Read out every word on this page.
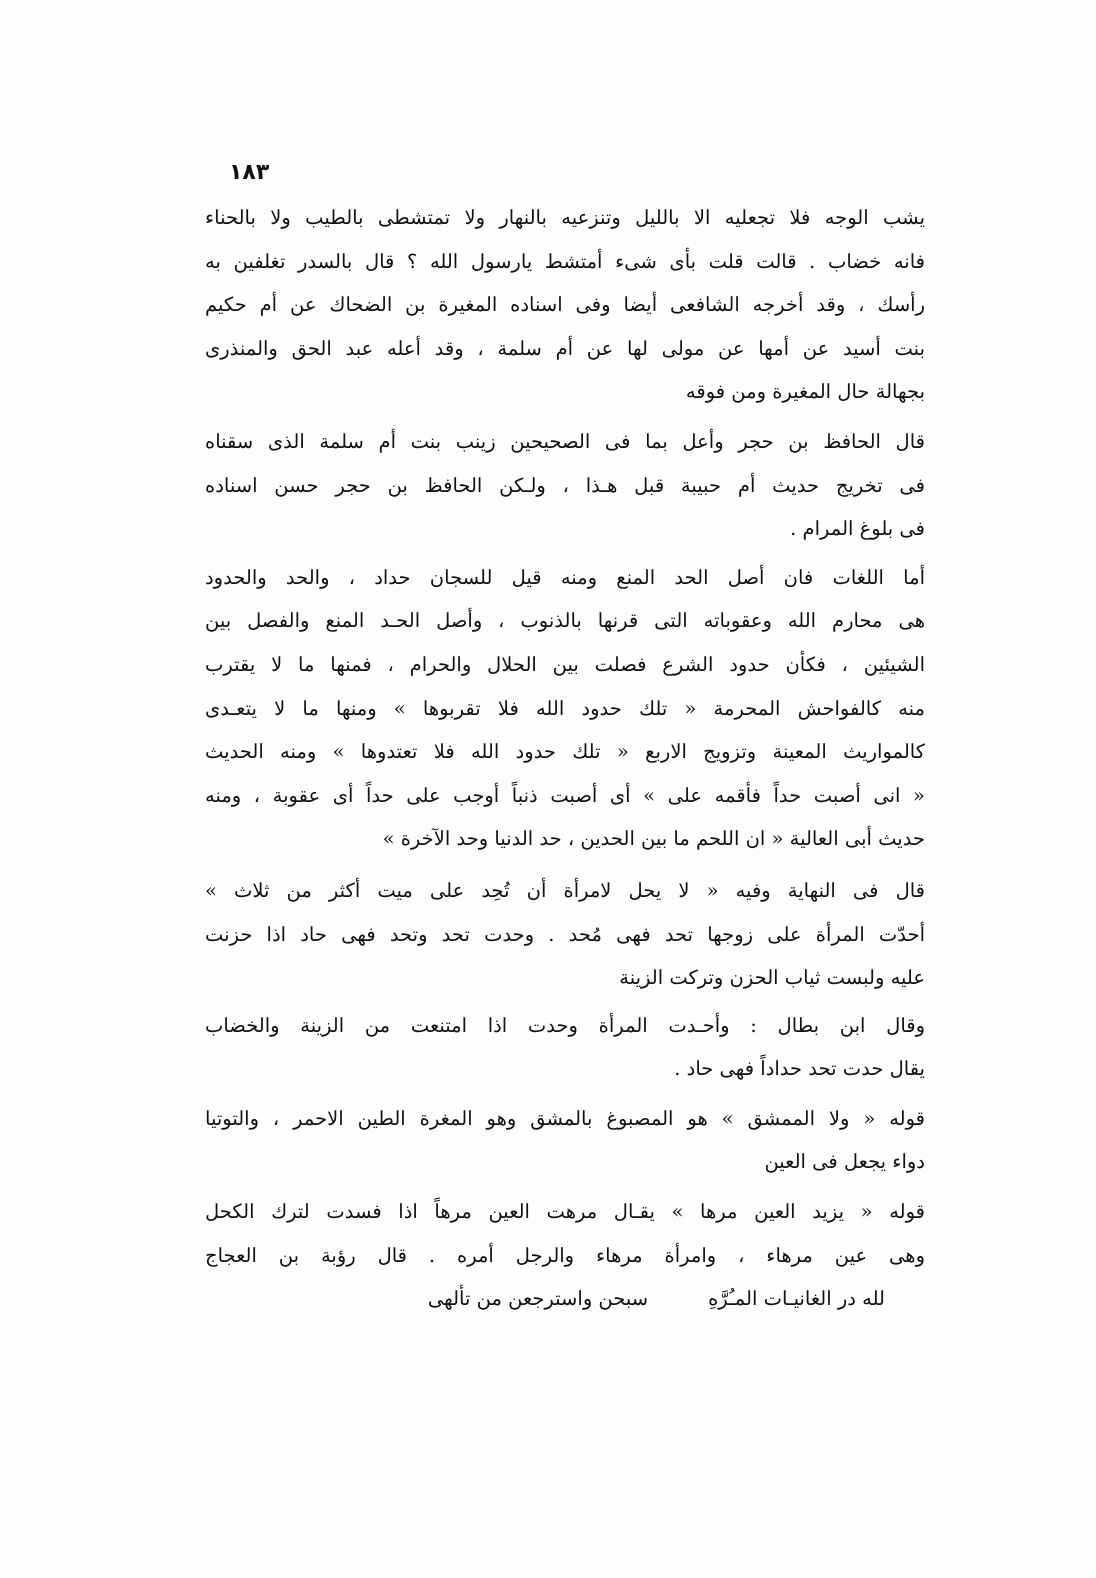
١٨٣
يشب الوجه فلا تجعليه الا بالليل وتنزعيه بالنهار ولا تمتشطى بالطيب ولا بالحناء
فانه خضاب . قالت قلت بأى شىء أمتشط يارسول الله ؟ قال بالسدر تغلفين به
رأسك ، وقد أخرجه الشافعى أيضا وفى اسناده المغيرة بن الضحاك عن أم حكيم
بنت أسيد عن أمها عن مولى لها عن أم سلمة ، وقد أعله عبد الحق والمنذرى
بجهالة حال المغيرة ومن فوقه
قال الحافظ بن حجر وأعل بما فى الصحيحين زينب بنت أم سلمة الذى سقناه
فى تخريج حديث أم حبيبة قبل هـذا ، ولـكن الحافظ بن حجر حسن اسناده
فى بلوغ المرام .
أما اللغات فان أصل الحد المنع ومنه قيل للسجان حداد ، والحد والحدود
هى محارم الله وعقوباته التى قرنها بالذنوب ، وأصل الحـد المنع والفصل بين
الشيئين ، فكأن حدود الشرع فصلت بين الحلال والحرام ، فمنها ما لا يقترب
منه كالفواحش المحرمة « تلك حدود الله فلا تقربوها » ومنها ما لا يتعـدى
كالمواريث المعينة وتزويج الاربع « تلك حدود الله فلا تعتدوها » ومنه الحديث
« انى أصبت حداً فأقمه على » أى أصبت ذنباً أوجب على حداً أى عقوبة ، ومنه
حديث أبى العالية « ان اللحم ما بين الحدين ، حد الدنيا وحد الآخرة »
قال فى النهاية وفيه « لا يحل لامرأة أن تُحِد على ميت أكثر من ثلاث »
أحدّت المرأة على زوجها تحد فهى مُحد . وحدت تحد وتحد فهى حاد اذا حزنت
عليه ولبست ثياب الحزن وتركت الزينة
وقال ابن بطال : وأحـدت المرأة وحدت اذا امتنعت من الزينة والخضاب
يقال حدت تحد حداداً فهى حاد .
قوله « ولا الممشق » هو المصبوغ بالمشق وهو المغرة الطين الاحمر ، والتوتيا
دواء يجعل فى العين
قوله « يزيد العين مرها » يقـال مرهت العين مرهاً اذا فسدت لترك الكحل
وهى عين مرهاء ، وامرأة مرهاء والرجل أمره . قال رؤبة بن العجاج
لله در الغانيـات المـُرَّهِ
سبحن واسترجعن من تألهى
